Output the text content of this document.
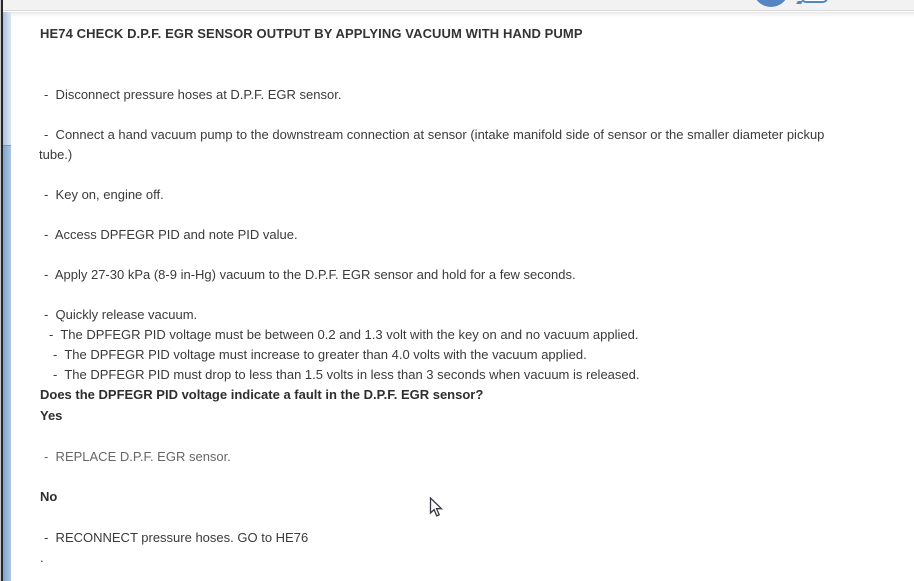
HE74 CHECK D.P.F. EGR SENSOR OUTPUT BY APPLYING VACUUM WITH HAND PUMP
-  Disconnect pressure hoses at D.P.F. EGR sensor.
-  Connect a hand vacuum pump to the downstream connection at sensor (intake manifold side of sensor or the smaller diameter pickup
tube.)
-  Key on, engine off.
-  Access DPFEGR PID and note PID value.
-  Apply 27-30 kPa (8-9 in-Hg) vacuum to the D.P.F. EGR sensor and hold for a few seconds.
-  Quickly release vacuum.
-  The DPFEGR PID voltage must be between 0.2 and 1.3 volt with the key on and no vacuum applied.
-  The DPFEGR PID voltage must increase to greater than 4.0 volts with the vacuum applied.
-  The DPFEGR PID must drop to less than 1.5 volts in less than 3 seconds when vacuum is released.
Does the DPFEGR PID voltage indicate a fault in the D.P.F. EGR sensor?
Yes
-  REPLACE D.P.F. EGR sensor.
No
-  RECONNECT pressure hoses. GO to HE76
.
